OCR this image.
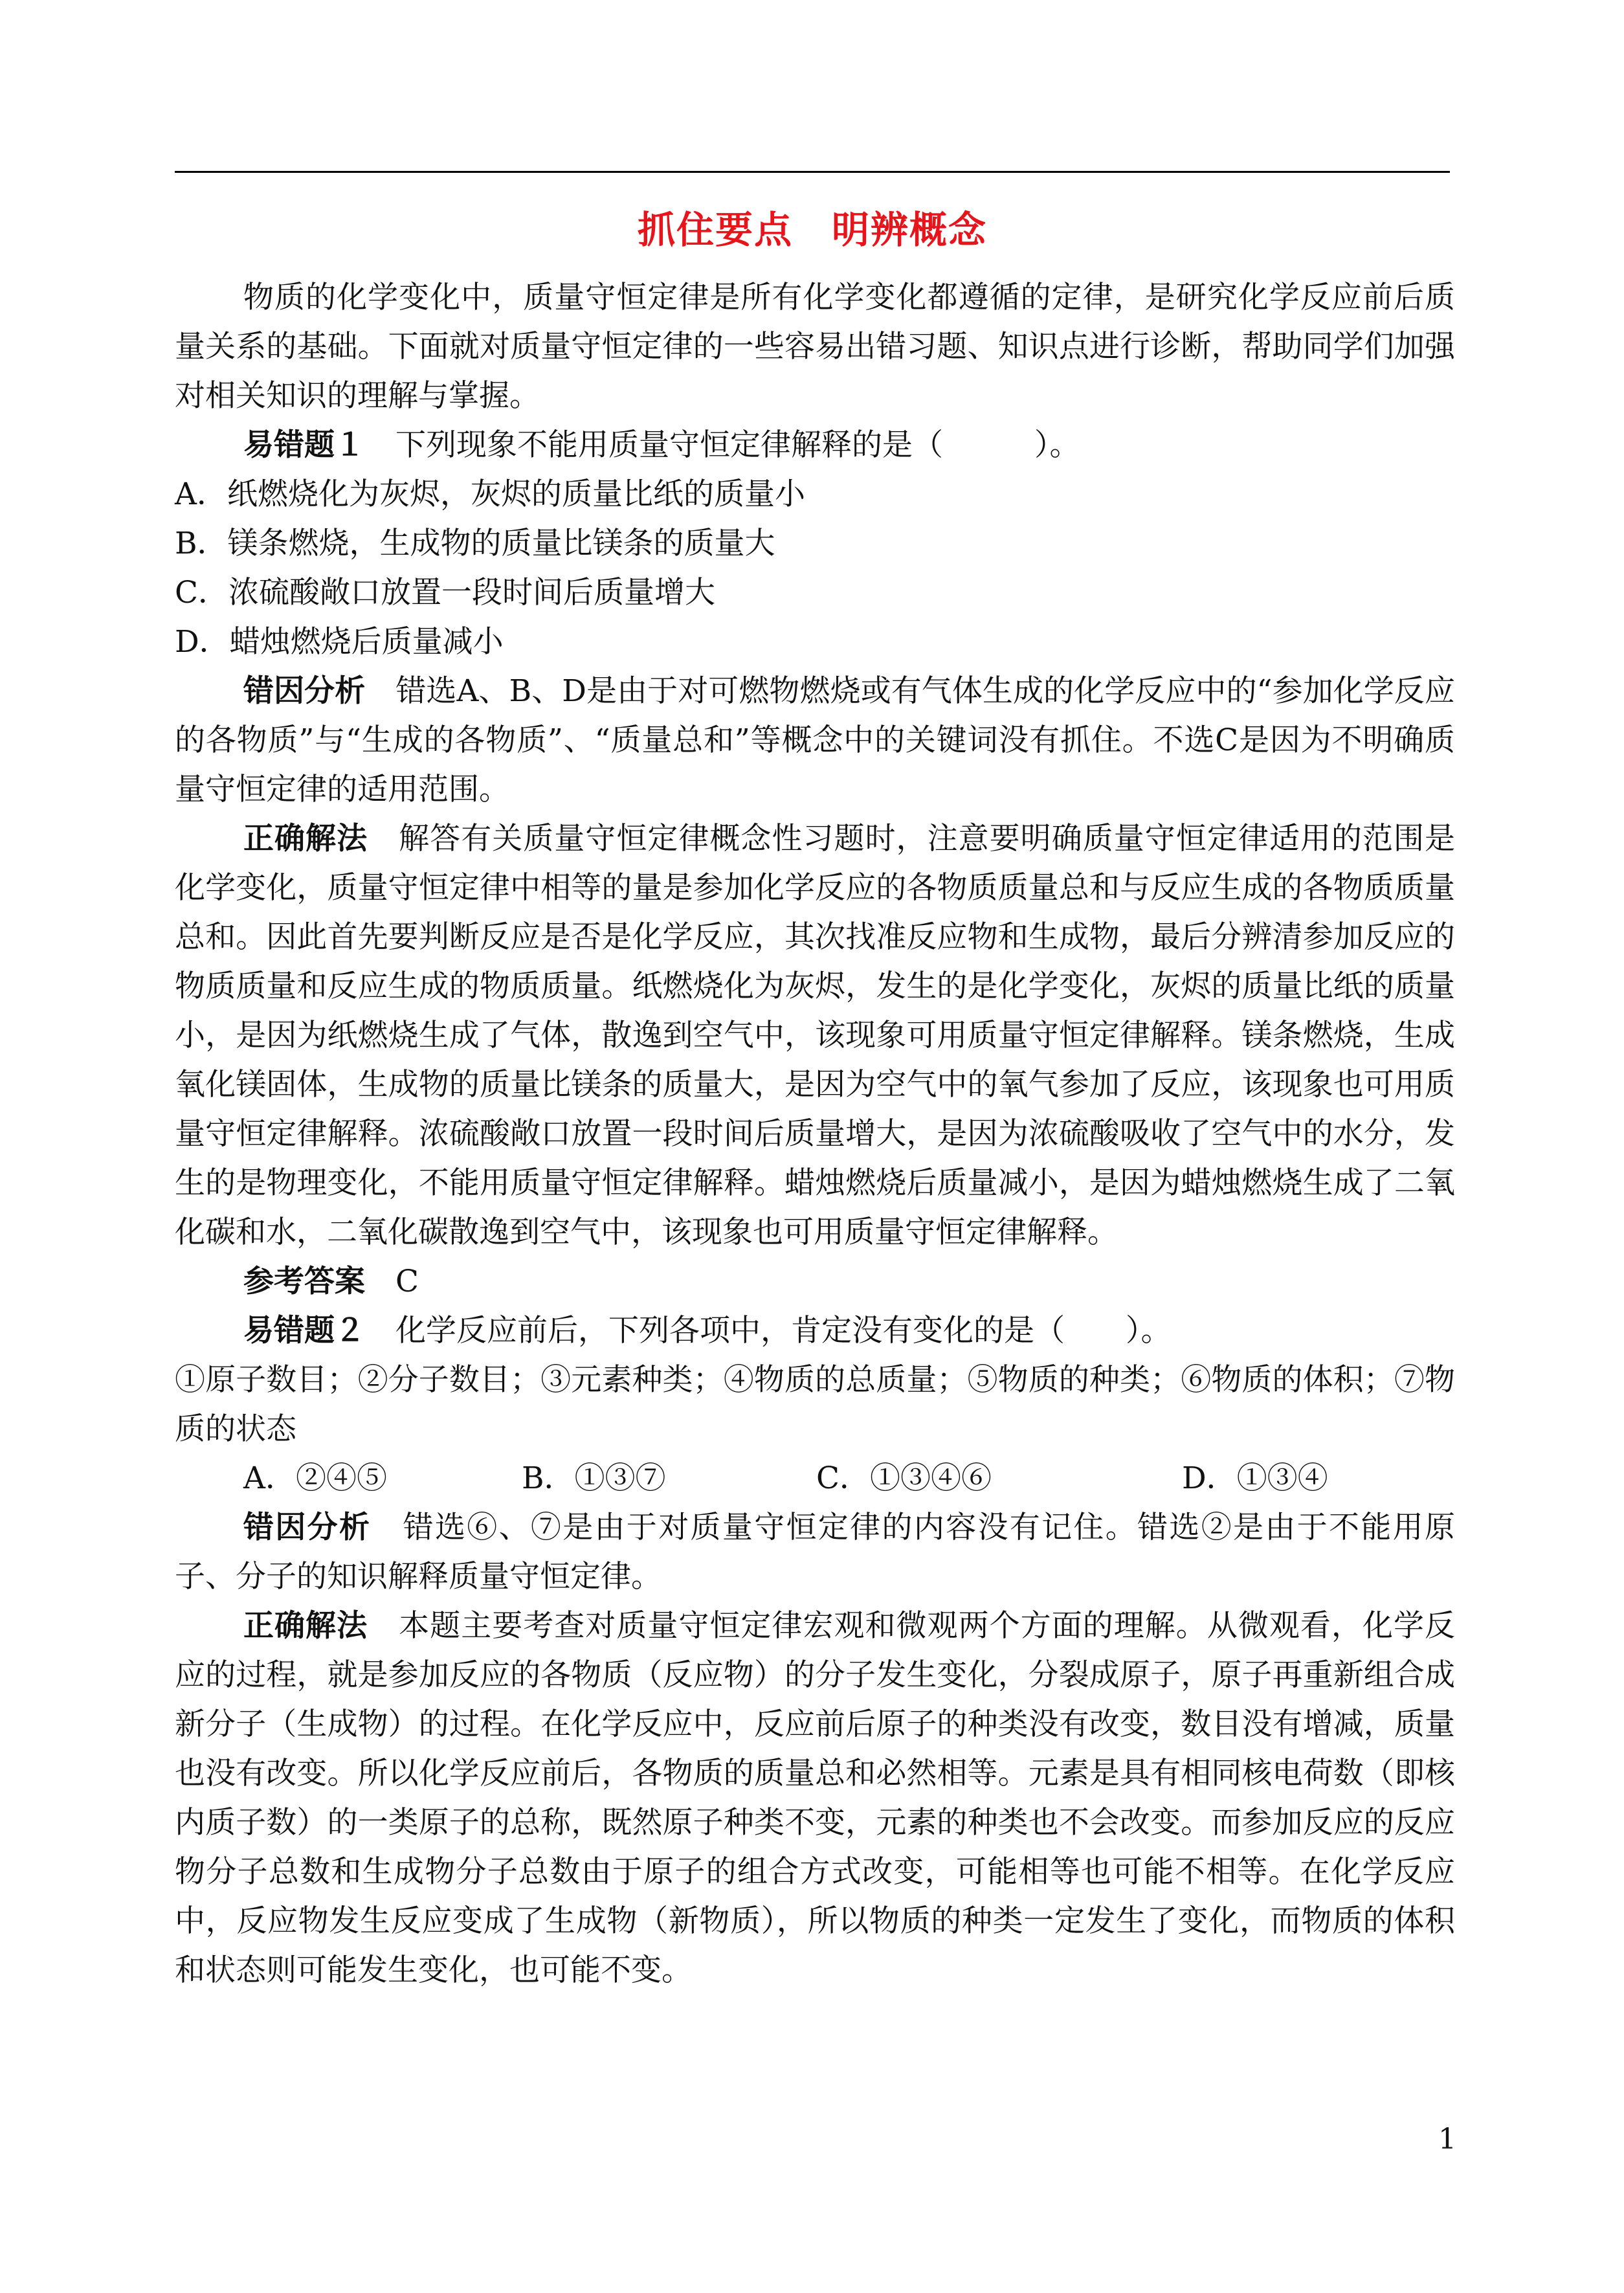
抓住要点　明辨概念

物质的化学变化中，质量守恒定律是所有化学变化都遵循的定律，是研究化学反应前后质量关系的基础。下面就对质量守恒定律的一些容易出错习题、知识点进行诊断，帮助同学们加强对相关知识的理解与掌握。

易错题１　下列现象不能用质量守恒定律解释的是（　　　）。

A．纸燃烧化为灰烬，灰烬的质量比纸的质量小

B．镁条燃烧，生成物的质量比镁条的质量大

C．浓硫酸敞口放置一段时间后质量增大

D．蜡烛燃烧后质量减小

错因分析　错选A、B、D是由于对可燃物燃烧或有气体生成的化学反应中的“参加化学反应的各物质”与“生成的各物质”、“质量总和”等概念中的关键词没有抓住。不选C是因为不明确质量守恒定律的适用范围。

正确解法　解答有关质量守恒定律概念性习题时，注意要明确质量守恒定律适用的范围是化学变化，质量守恒定律中相等的量是参加化学反应的各物质质量总和与反应生成的各物质质量总和。因此首先要判断反应是否是化学反应，其次找准反应物和生成物，最后分辨清参加反应的物质质量和反应生成的物质质量。纸燃烧化为灰烬，发生的是化学变化，灰烬的质量比纸的质量小，是因为纸燃烧生成了气体，散逸到空气中，该现象可用质量守恒定律解释。镁条燃烧，生成氧化镁固体，生成物的质量比镁条的质量大，是因为空气中的氧气参加了反应，该现象也可用质量守恒定律解释。浓硫酸敞口放置一段时间后质量增大，是因为浓硫酸吸收了空气中的水分，发生的是物理变化，不能用质量守恒定律解释。蜡烛燃烧后质量减小，是因为蜡烛燃烧生成了二氧化碳和水，二氧化碳散逸到空气中，该现象也可用质量守恒定律解释。

参考答案　C

易错题２　化学反应前后，下列各项中，肯定没有变化的是（　　）。

①原子数目；②分子数目；③元素种类；④物质的总质量；⑤物质的种类；⑥物质的体积；⑦物质的状态

A．②④⑤	B．①③⑦	C．①③④⑥	D．①③④

错因分析　错选⑥、⑦是由于对质量守恒定律的内容没有记住。错选②是由于不能用原子、分子的知识解释质量守恒定律。

正确解法　本题主要考查对质量守恒定律宏观和微观两个方面的理解。从微观看，化学反应的过程，就是参加反应的各物质（反应物）的分子发生变化，分裂成原子，原子再重新组合成新分子（生成物）的过程。在化学反应中，反应前后原子的种类没有改变，数目没有增减，质量也没有改变。所以化学反应前后，各物质的质量总和必然相等。元素是具有相同核电荷数（即核内质子数）的一类原子的总称，既然原子种类不变，元素的种类也不会改变。而参加反应的反应物分子总数和生成物分子总数由于原子的组合方式改变，可能相等也可能不相等。在化学反应中，反应物发生反应变成了生成物（新物质），所以物质的种类一定发生了变化，而物质的体积和状态则可能发生变化，也可能不变。

1
